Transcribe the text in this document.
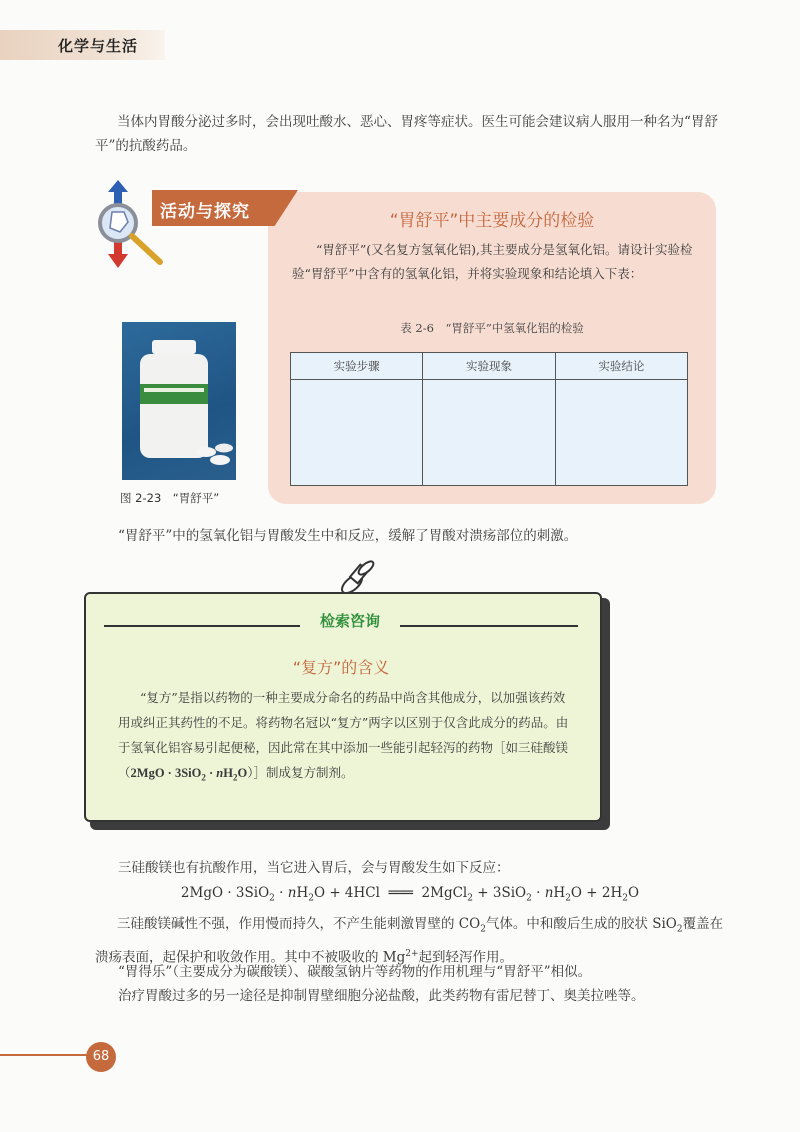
化学与生活
当体内胃酸分泌过多时，会出现吐酸水、恶心、胃疼等症状。医生可能会建议病人服用一种名为“胃舒平”的抗酸药品。
活动与探究	“胃舒平”中主要成分的检验
“胃舒平”(又名复方氢氧化铝),其主要成分是氢氧化铝。请设计实验检验“胃舒平”中含有的氢氧化铝，并将实验现象和结论填入下表：
表 2-6　“胃舒平”中氢氧化铝的检验
实验步骤	实验现象	实验结论

图 2-23　“胃舒平”
“胃舒平”中的氢氧化铝与胃酸发生中和反应，缓解了胃酸对溃疡部位的刺激。
检索咨询
“复方”的含义
“复方”是指以药物的一种主要成分命名的药品中尚含其他成分，以加强该药效用或纠正其药性的不足。将药物名冠以“复方”两字以区别于仅含此成分的药品。由于氢氧化铝容易引起便秘，因此常在其中添加一些能引起轻泻的药物［如三硅酸镁$(2MgO \cdot 3SiO_2 \cdot nH_2O)]$制成复方制剂。
三硅酸镁也有抗酸作用，当它进入胃后，会与胃酸发生如下反应：
$2MgO \cdot 3SiO_2 \cdot nH_2O + 4HCl$ ═══ 2MgCl$_2$ + $3SiO_2 \cdot nH_2O + 2H_2O$
三硅酸镁碱性不强，作用慢而持久，不产生能刺激胃壁的 $CO_2$气体。中和酸后生成的胶状 SiO$_2$覆盖在溃疡表面，起保护和收敛作用。其中不被吸收的 $Mg^{2+}$起到轻泻作用。
“胃得乐”（主要成分为碳酸镁）、碳酸氢钠片等药物的作用机理与“胃舒平”相似。
治疗胃酸过多的另一途径是抑制胃壁细胞分泌盐酸，此类药物有雷尼替丁、奥美拉唑等。
68
